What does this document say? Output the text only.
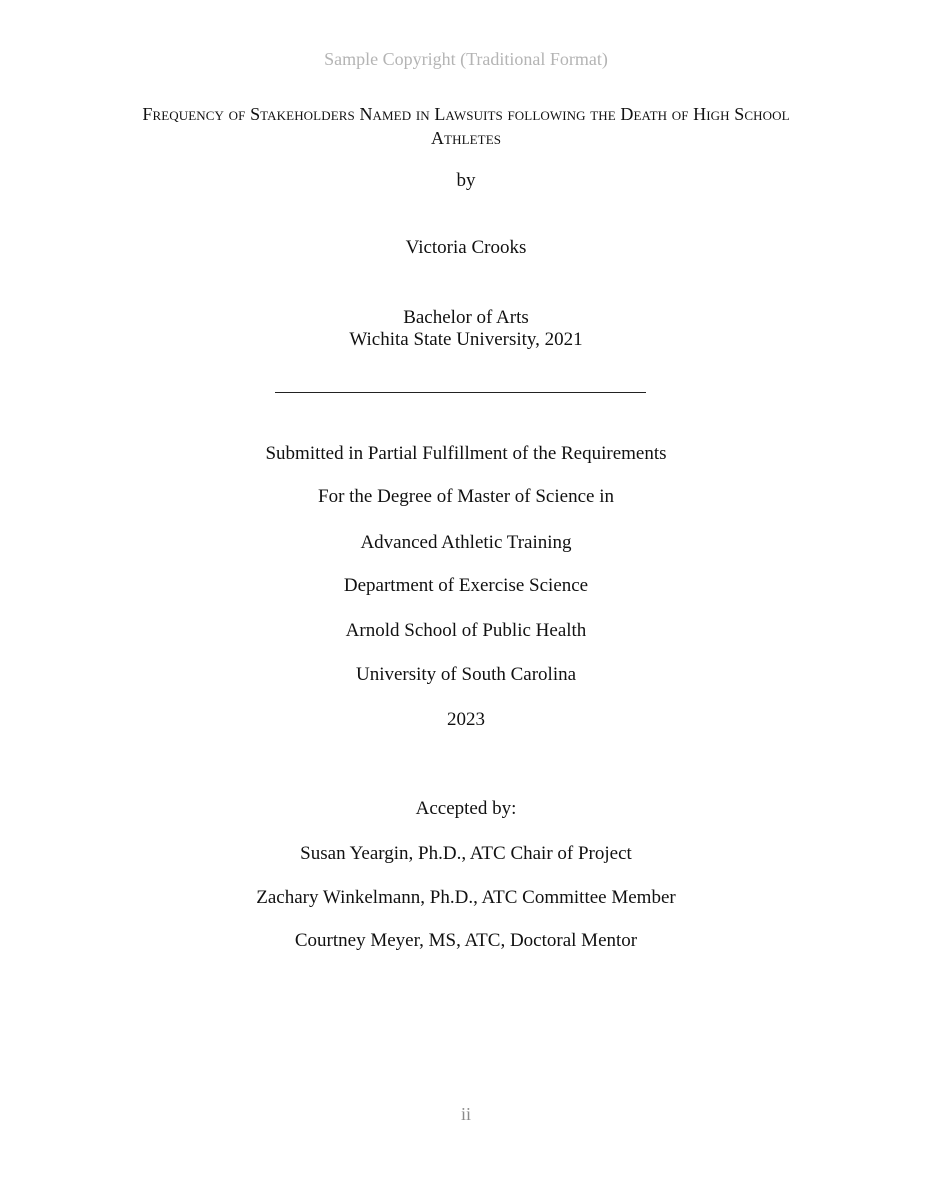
Sample Copyright (Traditional Format)
Frequency of Stakeholders Named in Lawsuits following the Death of High School
Athletes
by
Victoria Crooks
Bachelor of Arts
Wichita State University, 2021
Submitted in Partial Fulfillment of the Requirements
For the Degree of Master of Science in
Advanced Athletic Training
Department of Exercise Science
Arnold School of Public Health
University of South Carolina
2023
Accepted by:
Susan Yeargin, Ph.D., ATC Chair of Project
Zachary Winkelmann, Ph.D., ATC Committee Member
Courtney Meyer, MS, ATC, Doctoral Mentor
ii
